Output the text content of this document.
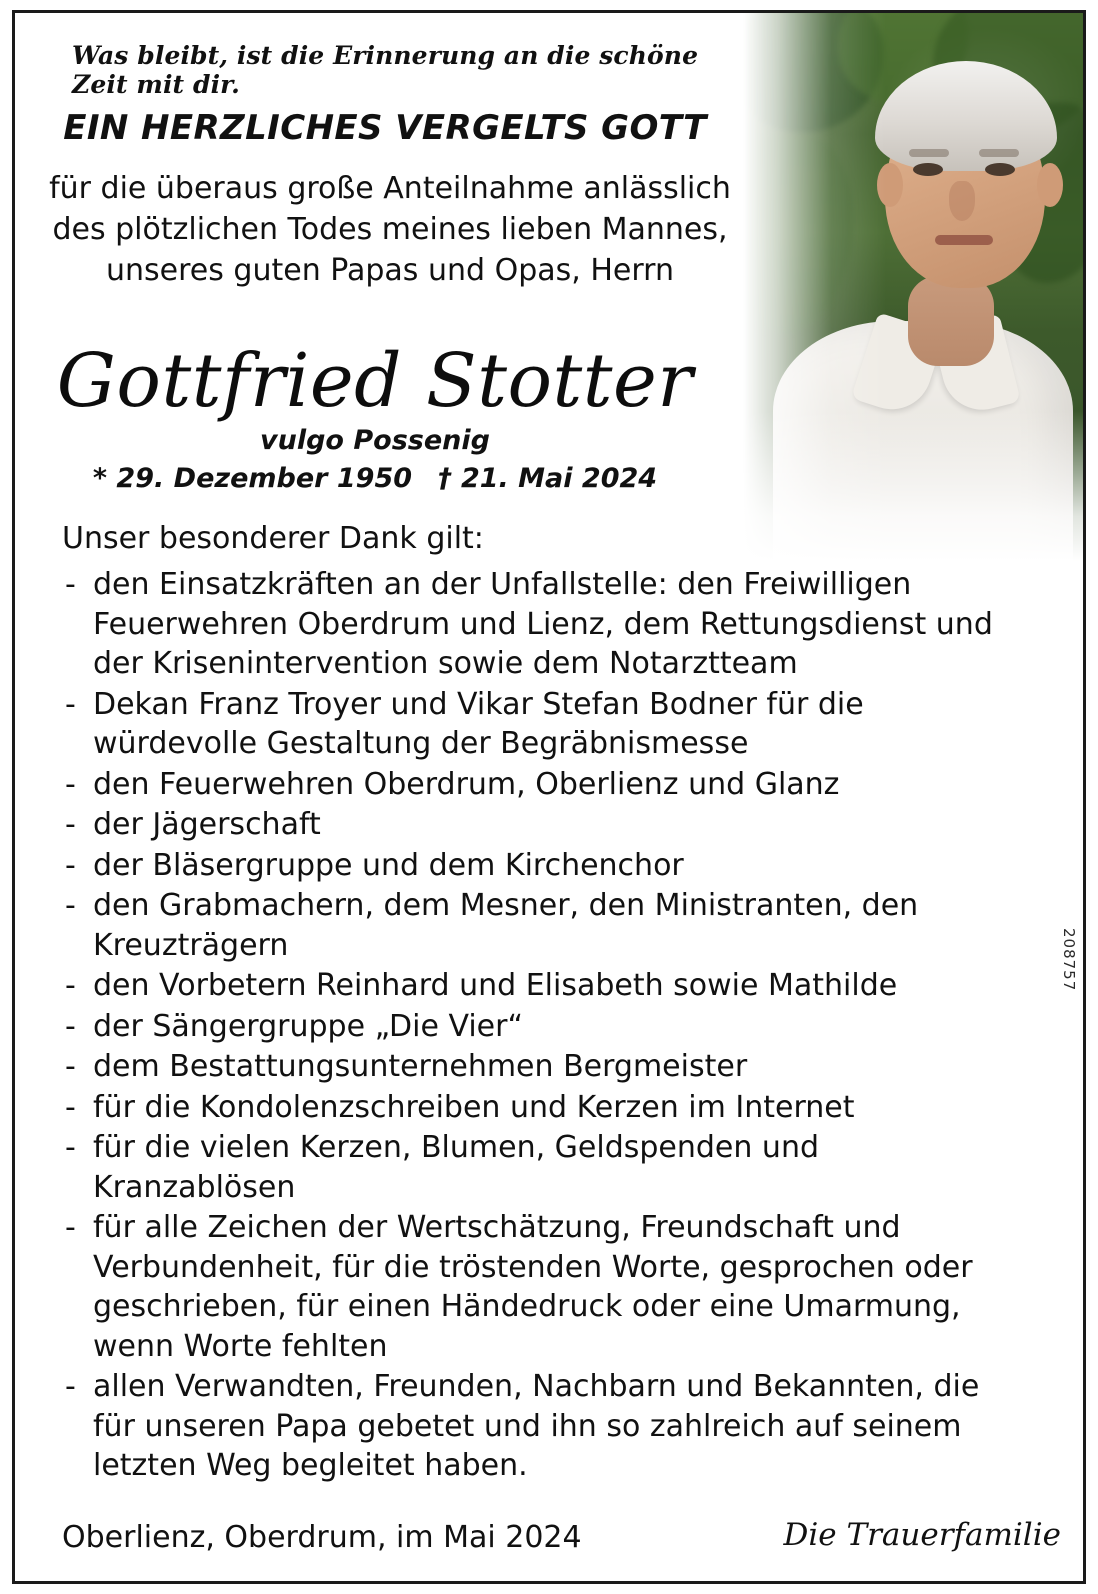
Was bleibt, ist die Erinnerung an die schöne Zeit mit dir.
EIN HERZLICHES VERGELTS GOTT
für die überaus große Anteilnahme anlässlich des plötzlichen Todes meines lieben Mannes, unseres guten Papas und Opas, Herrn
Gottfried Stotter
vulgo Possenig
* 29. Dezember 1950 † 21. Mai 2024
Unser besonderer Dank gilt:
- den Einsatzkräften an der Unfallstelle: den Freiwilligen Feuerwehren Oberdrum und Lienz, dem Rettungsdienst und der Krisenintervention sowie dem Notarztteam
- Dekan Franz Troyer und Vikar Stefan Bodner für die würdevolle Gestaltung der Begräbnismesse
- den Feuerwehren Oberdrum, Oberlienz und Glanz
- der Jägerschaft
- der Bläsergruppe und dem Kirchenchor
- den Grabmachern, dem Mesner, den Ministranten, den Kreuzträgern
- den Vorbetern Reinhard und Elisabeth sowie Mathilde
- der Sängergruppe „Die Vier“
- dem Bestattungsunternehmen Bergmeister
- für die Kondolenzschreiben und Kerzen im Internet
- für die vielen Kerzen, Blumen, Geldspenden und Kranzablösen
- für alle Zeichen der Wertschätzung, Freundschaft und Verbundenheit, für die tröstenden Worte, gesprochen oder geschrieben, für einen Händedruck oder eine Umarmung, wenn Worte fehlten
- allen Verwandten, Freunden, Nachbarn und Bekannten, die für unseren Papa gebetet und ihn so zahlreich auf seinem letzten Weg begleitet haben.
Oberlienz, Oberdrum, im Mai 2024	Die Trauerfamilie
208757
